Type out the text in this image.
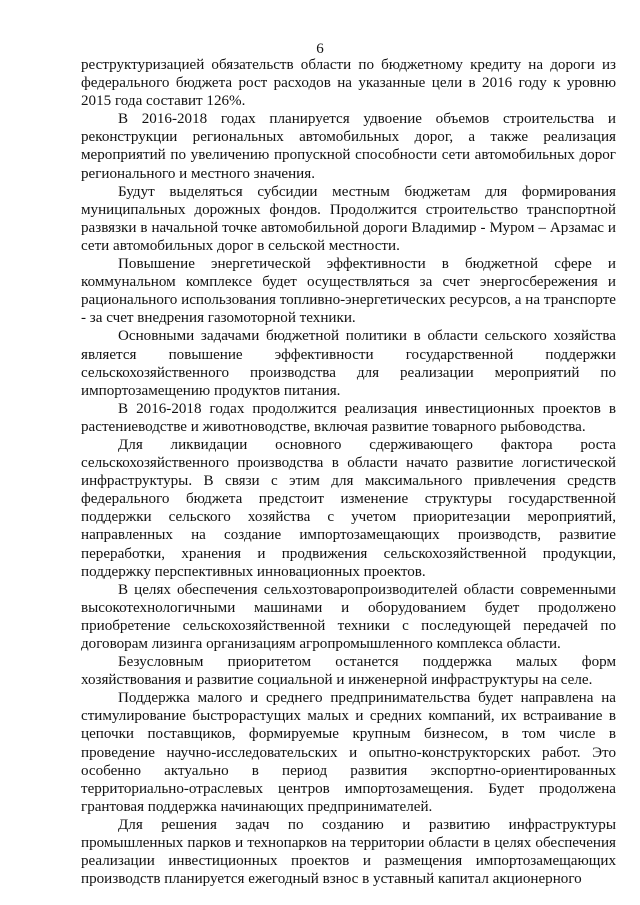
6

реструктуризацией обязательств области по бюджетному кредиту на дороги из федерального бюджета рост расходов на указанные цели в 2016 году к уровню 2015 года составит 126%.

В 2016-2018 годах планируется удвоение объемов строительства и реконструкции региональных автомобильных дорог, а также реализация мероприятий по увеличению пропускной способности сети автомобильных дорог регионального и местного значения.

Будут выделяться субсидии местным бюджетам для формирования муниципальных дорожных фондов. Продолжится строительство транспортной развязки в начальной точке автомобильной дороги Владимир - Муром – Арзамас и сети автомобильных дорог в сельской местности.

Повышение энергетической эффективности в бюджетной сфере и коммунальном комплексе будет осуществляться за счет энергосбережения и рационального использования топливно-энергетических ресурсов, а на транспорте - за счет внедрения газомоторной техники.

Основными задачами бюджетной политики в области сельского хозяйства является повышение эффективности государственной поддержки сельскохозяйственного производства для реализации мероприятий по импортозамещению продуктов питания.

В 2016-2018 годах продолжится реализация инвестиционных проектов в растениеводстве и животноводстве, включая развитие товарного рыбоводства.

Для ликвидации основного сдерживающего фактора роста сельскохозяйственного производства в области начато развитие логистической инфраструктуры. В связи с этим для максимального привлечения средств федерального бюджета предстоит изменение структуры государственной поддержки сельского хозяйства с учетом приоритезации мероприятий, направленных на создание импортозамещающих производств, развитие переработки, хранения и продвижения сельскохозяйственной продукции, поддержку перспективных инновационных проектов.

В целях обеспечения сельхозтоваропроизводителей области современными высокотехнологичными машинами и оборудованием будет продолжено приобретение сельскохозяйственной техники с последующей передачей по договорам лизинга организациям агропромышленного комплекса области.

Безусловным приоритетом останется поддержка малых форм хозяйствования и развитие социальной и инженерной инфраструктуры на селе.

Поддержка малого и среднего предпринимательства будет направлена на стимулирование быстрорастущих малых и средних компаний, их встраивание в цепочки поставщиков, формируемые крупным бизнесом, в том числе в проведение научно-исследовательских и опытно-конструкторских работ. Это особенно актуально в период развития экспортно-ориентированных территориально-отраслевых центров импортозамещения. Будет продолжена грантовая поддержка начинающих предпринимателей.

Для решения задач по созданию и развитию инфраструктуры промышленных парков и технопарков на территории области в целях обеспечения реализации инвестиционных проектов и размещения импортозамещающих производств планируется ежегодный взнос в уставный капитал акционерного
